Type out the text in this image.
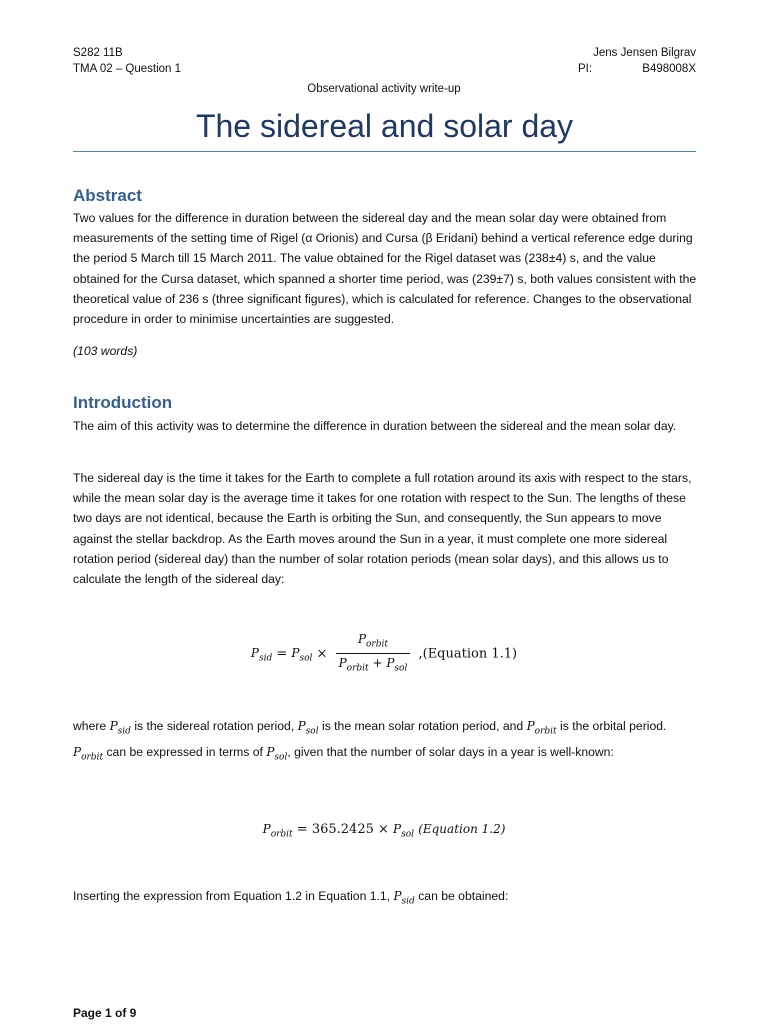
S282 11B
TMA 02 – Question 1
Jens Jensen Bilgrav
PI:	B498008X
Observational activity write-up
The sidereal and solar day
Abstract
Two values for the difference in duration between the sidereal day and the mean solar day were obtained from measurements of the setting time of Rigel (α Orionis) and Cursa (β Eridani) behind a vertical reference edge during the period 5 March till 15 March 2011. The value obtained for the Rigel dataset was (238±4) s, and the value obtained for the Cursa dataset, which spanned a shorter time period, was (239±7) s, both values consistent with the theoretical value of 236 s (three significant figures), which is calculated for reference. Changes to the observational procedure in order to minimise uncertainties are suggested.
(103 words)
Introduction
The aim of this activity was to determine the difference in duration between the sidereal and the mean solar day.
The sidereal day is the time it takes for the Earth to complete a full rotation around its axis with respect to the stars, while the mean solar day is the average time it takes for one rotation with respect to the Sun. The lengths of these two days are not identical, because the Earth is orbiting the Sun, and consequently, the Sun appears to move against the stellar backdrop. As the Earth moves around the Sun in a year, it must complete one more sidereal rotation period (sidereal day) than the number of solar rotation periods (mean solar days), and this allows us to calculate the length of the sidereal day:
$P_{sid} = P_{sol} \times \frac{P_{orbit}}{P_{orbit} + P_{sol}}$ ,(Equation 1.1)
where $P_{sid}$ is the sidereal rotation period, $P_{sol}$ is the mean solar rotation period, and $P_{orbit}$ is the orbital period. $P_{orbit}$ can be expressed in terms of $P_{sol}$, given that the number of solar days in a year is well-known:
$P_{orbit} = 365.2425 \times P_{sol}$ (Equation 1.2)
Inserting the expression from Equation 1.2 in Equation 1.1, $P_{sid}$ can be obtained:
Page 1 of 9
